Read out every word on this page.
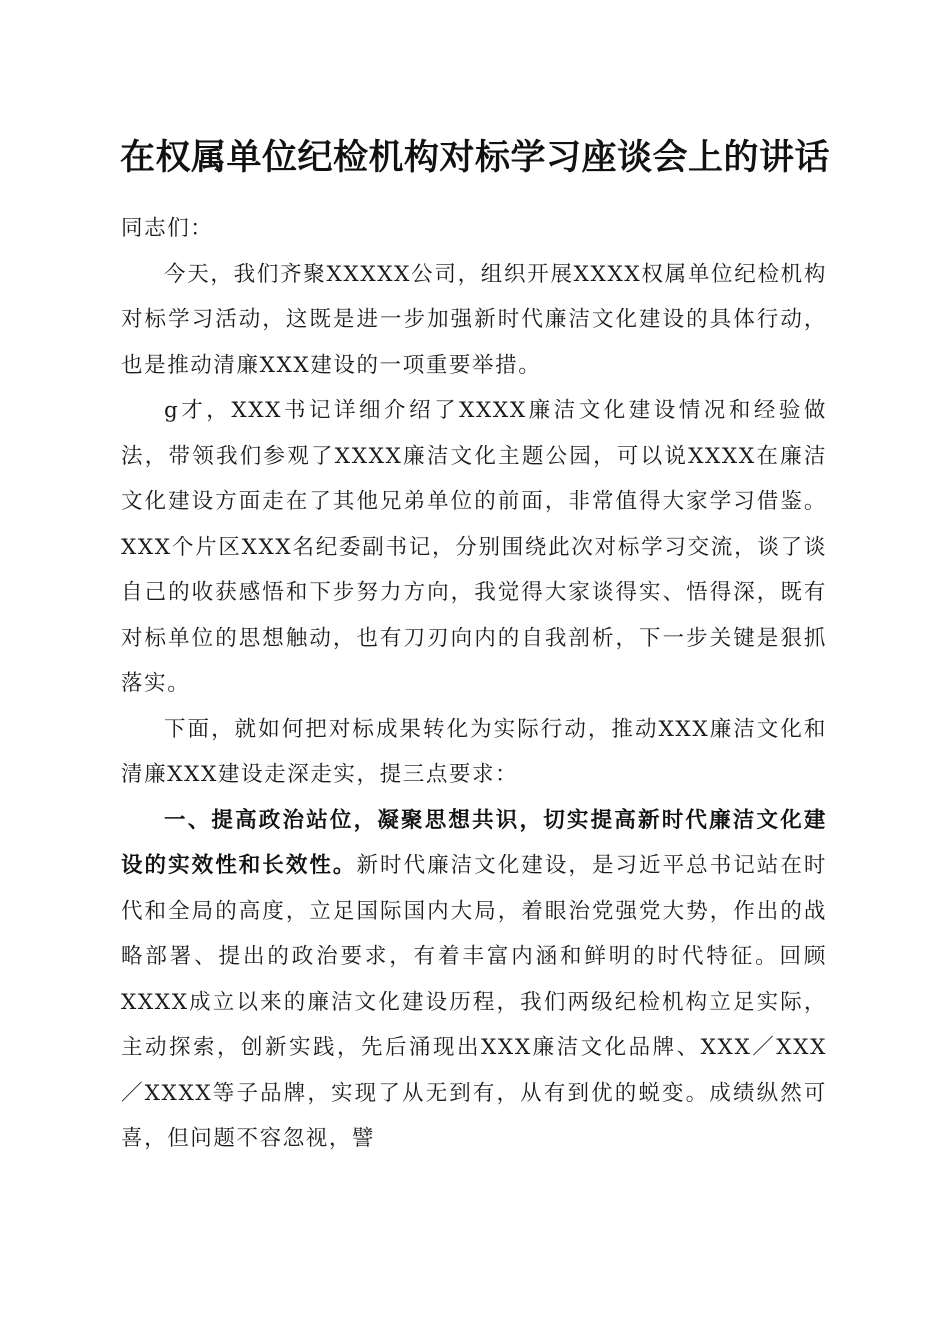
在权属单位纪检机构对标学习座谈会上的讲话

同志们：

今天，我们齐聚XXXXX公司，组织开展XXXX权属单位纪检机构对标学习活动，这既是进一步加强新时代廉洁文化建设的具体行动，也是推动清廉XXX建设的一项重要举措。

g才，XXX书记详细介绍了XXXX廉洁文化建设情况和经验做法，带领我们参观了XXXX廉洁文化主题公园，可以说XXXX在廉洁文化建设方面走在了其他兄弟单位的前面，非常值得大家学习借鉴。XXX个片区XXX名纪委副书记，分别围绕此次对标学习交流，谈了谈自己的收获感悟和下步努力方向，我觉得大家谈得实、悟得深，既有对标单位的思想触动，也有刀刃向内的自我剖析，下一步关键是狠抓落实。

下面，就如何把对标成果转化为实际行动，推动XXX廉洁文化和清廉XXX建设走深走实，提三点要求：

一、提高政治站位，凝聚思想共识，切实提高新时代廉洁文化建设的实效性和长效性。新时代廉洁文化建设，是习近平总书记站在时代和全局的高度，立足国际国内大局，着眼治党强党大势，作出的战略部署、提出的政治要求，有着丰富内涵和鲜明的时代特征。回顾XXXX成立以来的廉洁文化建设历程，我们两级纪检机构立足实际，主动探索，创新实践，先后涌现出XXX廉洁文化品牌、XXX／XXX／XXXX等子品牌，实现了从无到有，从有到优的蜕变。成绩纵然可喜，但问题不容忽视，譬
